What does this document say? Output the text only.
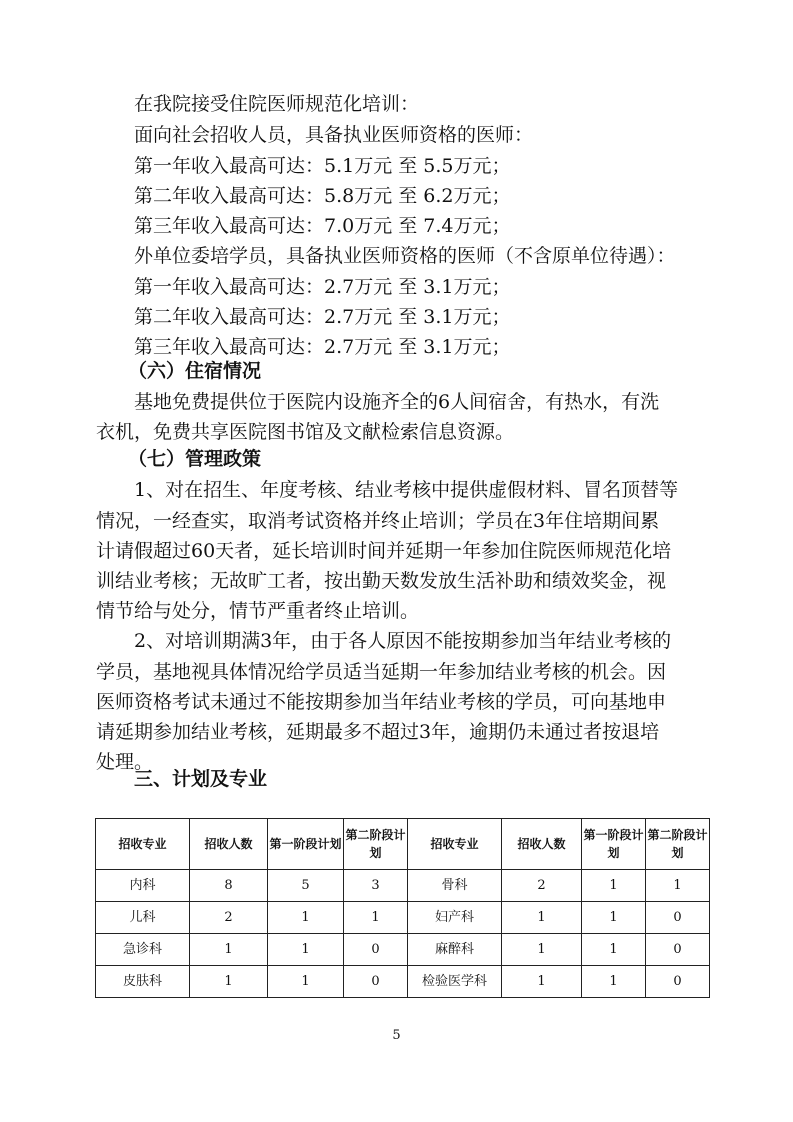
在我院接受住院医师规范化培训：
面向社会招收人员，具备执业医师资格的医师：
第一年收入最高可达：5.1万元 至 5.5万元；
第二年收入最高可达：5.8万元 至 6.2万元；
第三年收入最高可达：7.0万元 至 7.4万元；
外单位委培学员，具备执业医师资格的医师（不含原单位待遇）：
第一年收入最高可达：2.7万元 至 3.1万元；
第二年收入最高可达：2.7万元 至 3.1万元；
第三年收入最高可达：2.7万元 至 3.1万元；
（六）住宿情况
基地免费提供位于医院内设施齐全的6人间宿舍，有热水，有洗
衣机，免费共享医院图书馆及文献检索信息资源。
（七）管理政策
1、对在招生、年度考核、结业考核中提供虚假材料、冒名顶替等
情况，一经查实，取消考试资格并终止培训；学员在3年住培期间累
计请假超过60天者，延长培训时间并延期一年参加住院医师规范化培
训结业考核；无故旷工者，按出勤天数发放生活补助和绩效奖金，视
情节给与处分，情节严重者终止培训。
2、对培训期满3年，由于各人原因不能按期参加当年结业考核的
学员，基地视具体情况给学员适当延期一年参加结业考核的机会。因
医师资格考试未通过不能按期参加当年结业考核的学员，可向基地申
请延期参加结业考核，延期最多不超过3年，逾期仍未通过者按退培
处理。
三、计划及专业
招收专业	招收人数	第一阶段计划	第二阶段计划	招收专业	招收人数	第一阶段计划	第二阶段计划
内科	8	5	3	骨科	2	1	1
儿科	2	1	1	妇产科	1	1	0
急诊科	1	1	0	麻醉科	1	1	0
皮肤科	1	1	0	检验医学科	1	1	0
5
